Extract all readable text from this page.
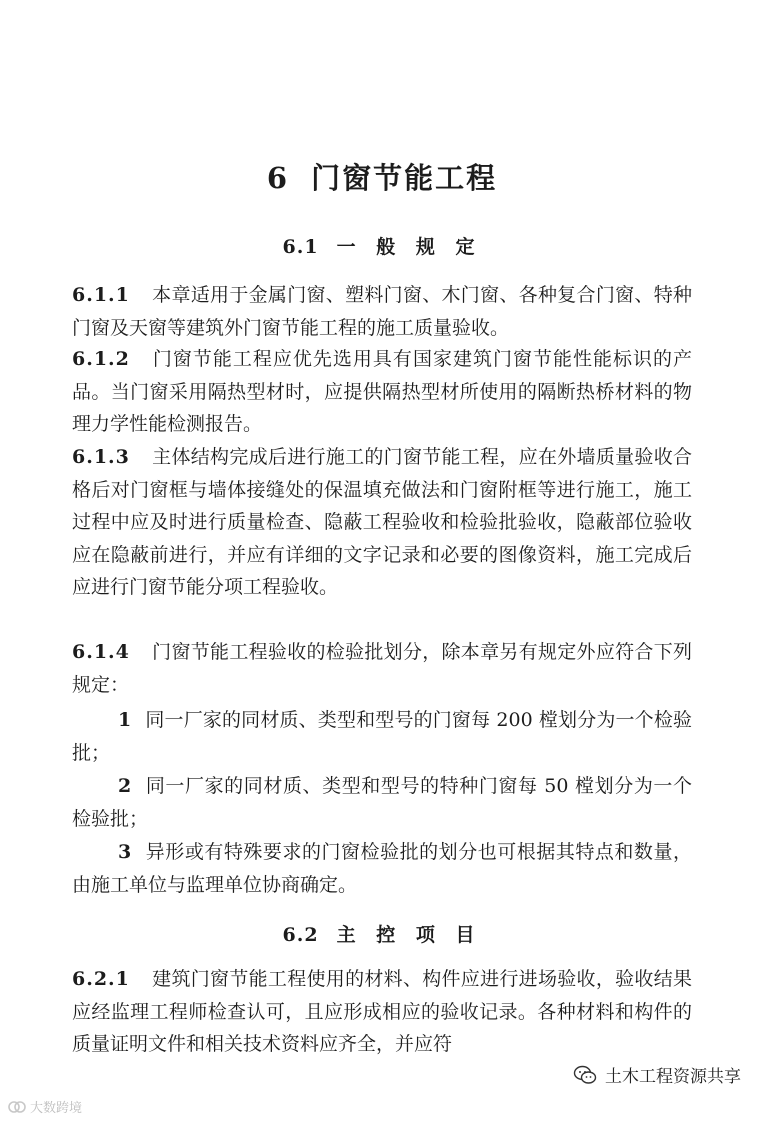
6 门窗节能工程
6.1 一 般 规 定
6.1.1 本章适用于金属门窗、塑料门窗、木门窗、各种复合门窗、特种门窗及天窗等建筑外门窗节能工程的施工质量验收。
6.1.2 门窗节能工程应优先选用具有国家建筑门窗节能性能标识的产品。当门窗采用隔热型材时，应提供隔热型材所使用的隔断热桥材料的物理力学性能检测报告。
6.1.3 主体结构完成后进行施工的门窗节能工程，应在外墙质量验收合格后对门窗框与墙体接缝处的保温填充做法和门窗附框等进行施工，施工过程中应及时进行质量检查、隐蔽工程验收和检验批验收，隐蔽部位验收应在隐蔽前进行，并应有详细的文字记录和必要的图像资料，施工完成后应进行门窗节能分项工程验收。
6.1.4 门窗节能工程验收的检验批划分，除本章另有规定外应符合下列规定：
1 同一厂家的同材质、类型和型号的门窗每 200 樘划分为一个检验批；
2 同一厂家的同材质、类型和型号的特种门窗每 50 樘划分为一个检验批；
3 异形或有特殊要求的门窗检验批的划分也可根据其特点和数量，由施工单位与监理单位协商确定。
6.2 主 控 项 目
6.2.1 建筑门窗节能工程使用的材料、构件应进行进场验收，验收结果应经监理工程师检查认可，且应形成相应的验收记录。各种材料和构件的质量证明文件和相关技术资料应齐全，并应符
大数跨境
土木工程资源共享
